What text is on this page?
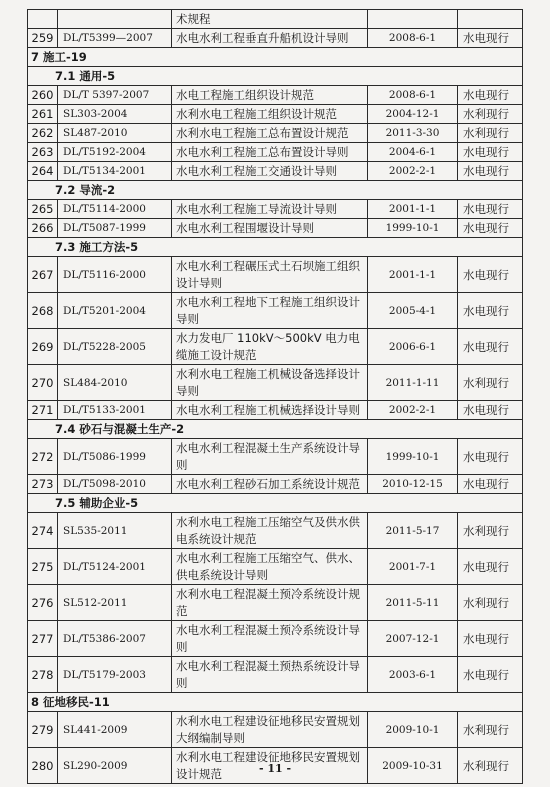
		术规程		
259	DL/T5399—2007	水电水利工程垂直升船机设计导则	2008-6-1	水电现行
7 施工-19				
7.1 通用-5				
260	DL/T 5397-2007	水电工程施工组织设计规范	2008-6-1	水电现行
261	SL303-2004	水利水电工程施工组织设计规范	2004-12-1	水利现行
262	SL487-2010	水利水电工程施工总布置设计规范	2011-3-30	水利现行
263	DL/T5192-2004	水电水利工程施工总布置设计导则	2004-6-1	水电现行
264	DL/T5134-2001	水电水利工程施工交通设计导则	2002-2-1	水电现行
7.2 导流-2				
265	DL/T5114-2000	水电水利工程施工导流设计导则	2001-1-1	水电现行
266	DL/T5087-1999	水电水利工程围堰设计导则	1999-10-1	水电现行
7.3 施工方法-5				
267	DL/T5116-2000	水电水利工程碾压式土石坝施工组织设计导则	2001-1-1	水电现行
268	DL/T5201-2004	水电水利工程地下工程施工组织设计导则	2005-4-1	水电现行
269	DL/T5228-2005	水力发电厂 110kV～500kV 电力电缆施工设计规范	2006-6-1	水电现行
270	SL484-2010	水利水电工程施工机械设备选择设计导则	2011-1-11	水利现行
271	DL/T5133-2001	水电水利工程施工机械选择设计导则	2002-2-1	水电现行
7.4 砂石与混凝土生产-2				
272	DL/T5086-1999	水电水利工程混凝土生产系统设计导则	1999-10-1	水电现行
273	DL/T5098-2010	水电水利工程砂石加工系统设计规范	2010-12-15	水电现行
7.5 辅助企业-5				
274	SL535-2011	水利水电工程施工压缩空气及供水供电系统设计规范	2011-5-17	水利现行
275	DL/T5124-2001	水电水利工程施工压缩空气、供水、供电系统设计导则	2001-7-1	水电现行
276	SL512-2011	水利水电工程混凝土预冷系统设计规范	2011-5-11	水利现行
277	DL/T5386-2007	水电水利工程混凝土预冷系统设计导则	2007-12-1	水电现行
278	DL/T5179-2003	水电水利工程混凝土预热系统设计导则	2003-6-1	水电现行
8 征地移民-11				
279	SL441-2009	水利水电工程建设征地移民安置规划大纲编制导则	2009-10-1	水利现行
280	SL290-2009	水利水电工程建设征地移民安置规划设计规范	2009-10-31	水利现行
- 11 -
